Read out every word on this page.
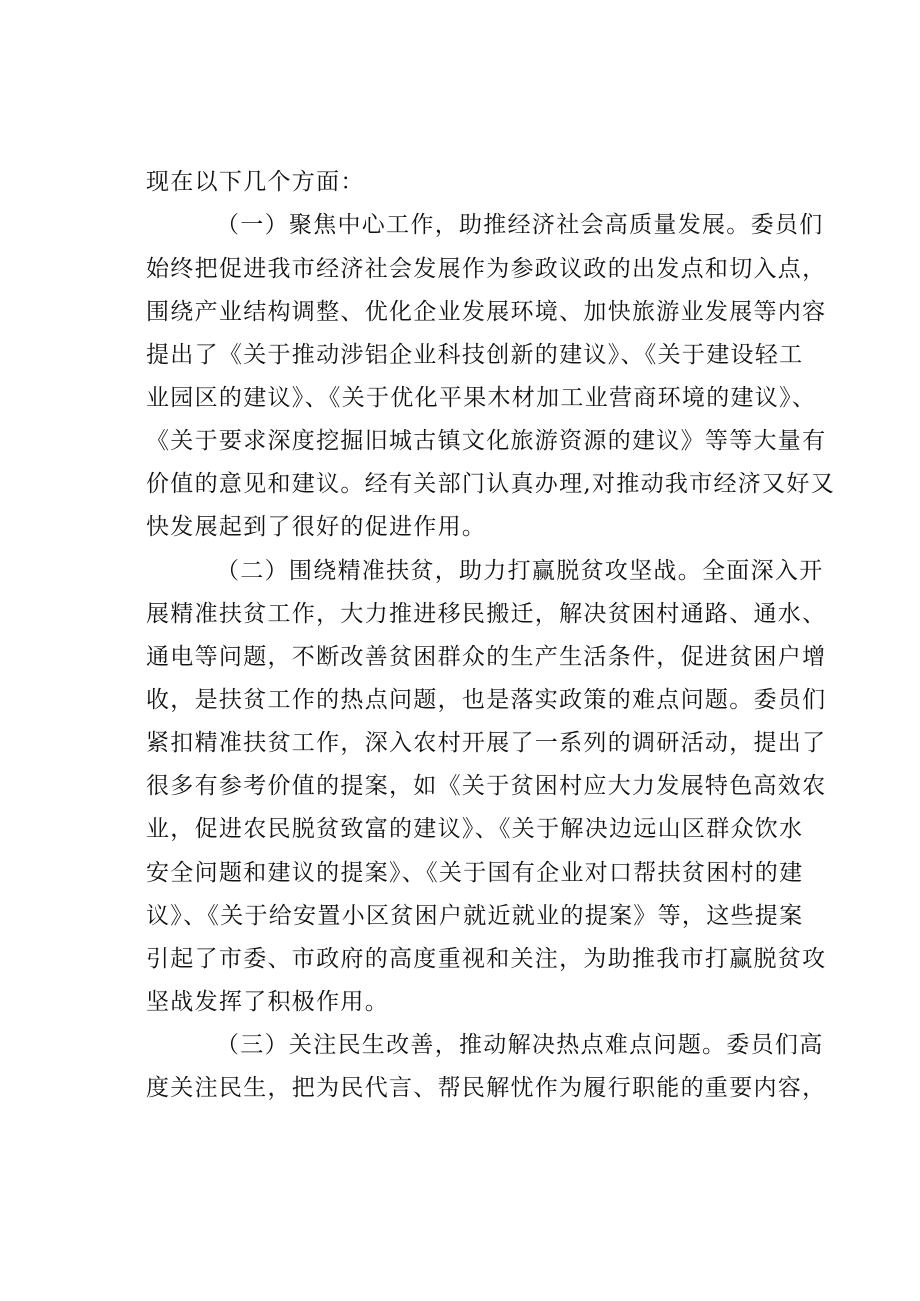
现在以下几个方面：
（一）聚焦中心工作，助推经济社会高质量发展。委员们
始终把促进我市经济社会发展作为参政议政的出发点和切入点，
围绕产业结构调整、优化企业发展环境、加快旅游业发展等内容
提出了《关于推动涉铝企业科技创新的建议》、《关于建设轻工
业园区的建议》、《关于优化平果木材加工业营商环境的建议》、
《关于要求深度挖掘旧城古镇文化旅游资源的建议》等等大量有
价值的意见和建议。经有关部门认真办理,对推动我市经济又好又
快发展起到了很好的促进作用。
（二）围绕精准扶贫，助力打赢脱贫攻坚战。全面深入开
展精准扶贫工作，大力推进移民搬迁，解决贫困村通路、通水、
通电等问题，不断改善贫困群众的生产生活条件，促进贫困户增
收，是扶贫工作的热点问题，也是落实政策的难点问题。委员们
紧扣精准扶贫工作，深入农村开展了一系列的调研活动，提出了
很多有参考价值的提案，如《关于贫困村应大力发展特色高效农
业，促进农民脱贫致富的建议》、《关于解决边远山区群众饮水
安全问题和建议的提案》、《关于国有企业对口帮扶贫困村的建
议》、《关于给安置小区贫困户就近就业的提案》等，这些提案
引起了市委、市政府的高度重视和关注，为助推我市打赢脱贫攻
坚战发挥了积极作用。
（三）关注民生改善，推动解决热点难点问题。委员们高
度关注民生，把为民代言、帮民解忧作为履行职能的重要内容，
